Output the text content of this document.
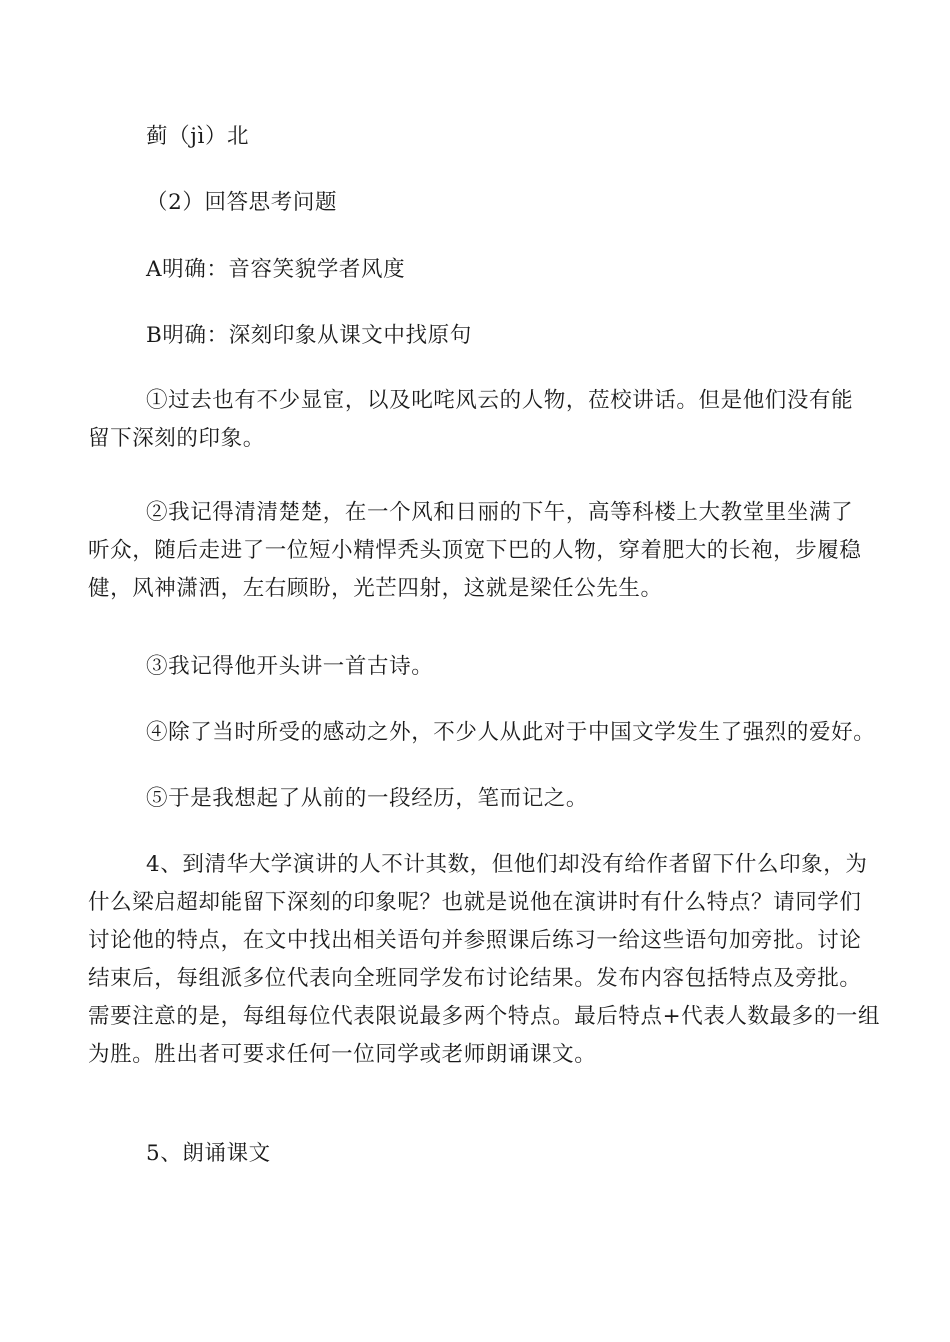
蓟（jì）北
（2）回答思考问题
A明确：音容笑貌学者风度
B明确：深刻印象从课文中找原句
①过去也有不少显宦，以及叱咤风云的人物，莅校讲话。但是他们没有能
留下深刻的印象。
②我记得清清楚楚，在一个风和日丽的下午，高等科楼上大教堂里坐满了
听众，随后走进了一位短小精悍秃头顶宽下巴的人物，穿着肥大的长袍，步履稳
健，风神潇洒，左右顾盼，光芒四射，这就是梁任公先生。
③我记得他开头讲一首古诗。
④除了当时所受的感动之外，不少人从此对于中国文学发生了强烈的爱好。
⑤于是我想起了从前的一段经历，笔而记之。
4、到清华大学演讲的人不计其数，但他们却没有给作者留下什么印象，为
什么梁启超却能留下深刻的印象呢？也就是说他在演讲时有什么特点？请同学们
讨论他的特点，在文中找出相关语句并参照课后练习一给这些语句加旁批。讨论
结束后，每组派多位代表向全班同学发布讨论结果。发布内容包括特点及旁批。
需要注意的是，每组每位代表限说最多两个特点。最后特点+代表人数最多的一组
为胜。胜出者可要求任何一位同学或老师朗诵课文。
5、朗诵课文
